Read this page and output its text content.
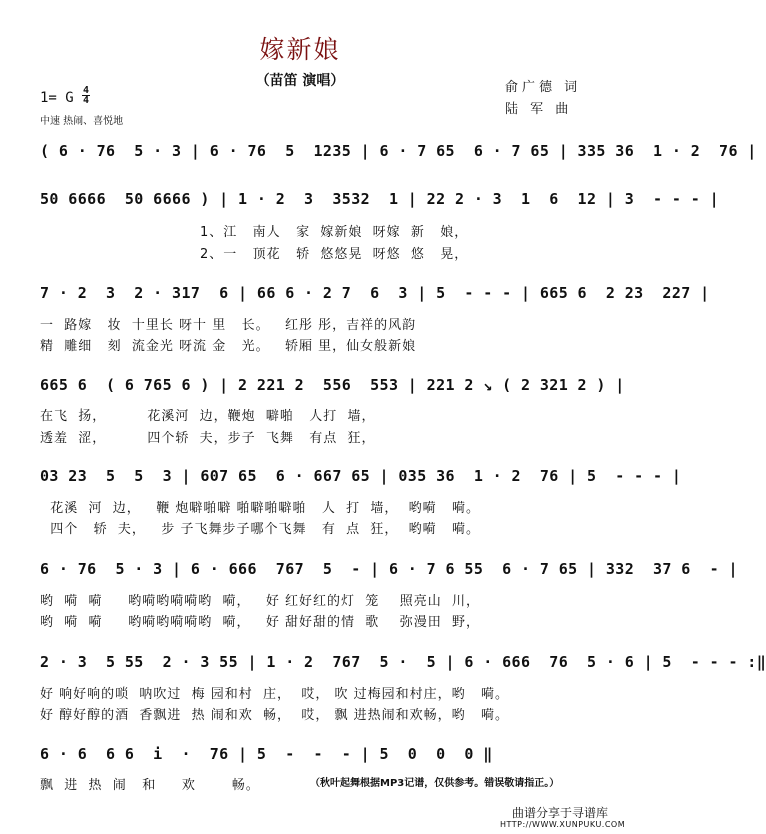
嫁新娘
（苗笛 演唱）
1= G 4
4
中速 热闹、喜悦地
俞广德 词
陆 军 曲
( 6 · 76  5 · 3 | 6 · 76  5  1235 | 6 · 7 65  6 · 7 65 | 335 36  1 · 2  76 |
50 6666  50 6666 ) | 1 · 2  3  3532  1 | 22 2 · 3  1  6  12 | 3  - - - |
1、江   南人   家  嫁新娘  呀嫁  新   娘，
2、一   顶花   轿  悠悠晃  呀悠  悠   晃，
7 · 2  3  2 · 317  6 | 66 6 · 2 7  6  3 | 5  - - - | 665 6  2 23  227 |
一  路嫁   妆  十里长 呀十 里   长。   红彤 彤，吉祥的风韵
精  雕细   刻  流金光 呀流 金   光。   轿厢 里，仙女般新娘
665 6  ( 6 765 6 ) | 2 221 2  556  553 | 221 2 ↘ ( 2 321 2 ) |
在飞  扬，        花溪河  边，鞭炮  噼啪   人打  墙，
透羞  涩，        四个轿  夫，步子  飞舞   有点  狂，
03 23  5  5  3 | 607 65  6 · 667 65 | 035 36  1 · 2  76 | 5  - - - |
花溪  河  边，   鞭 炮噼啪噼 啪噼啪噼啪   人  打  墙，  哟嗬   嗬。
四个   轿  夫，   步 子飞舞步子哪个飞舞   有  点  狂，  哟嗬   嗬。
6 · 76  5 · 3 | 6 · 666  767  5  - | 6 · 7 6 55  6 · 7 65 | 332  37 6  - |
哟  嗬  嗬     哟嗬哟嗬嗬哟  嗬，   好 红好红的灯  笼    照亮山  川，
哟  嗬  嗬     哟嗬哟嗬嗬哟  嗬，   好 甜好甜的情  歌    弥漫田  野，
2 · 3  5 55  2 · 3 55 | 1 · 2  767  5 ·  5 | 6 · 666  76  5 · 6 | 5  - - - :‖
好 响好响的唢  呐吹过  梅 园和村  庄，  哎， 吹 过梅园和村庄，哟   嗬。
好 醇好醇的酒  香飘进  热 闹和欢  畅，  哎， 飘 进热闹和欢畅，哟   嗬。
6 · 6  6 6  i  ·  76 | 5  -  -  - | 5  0  0  0 ‖
飘  进  热  闹   和     欢       畅。	（秋叶起舞根据MP3记谱，仅供参考。错误敬请指正。）
曲谱分享于寻谱库
HTTP://WWW.XUNPUKU.COM
